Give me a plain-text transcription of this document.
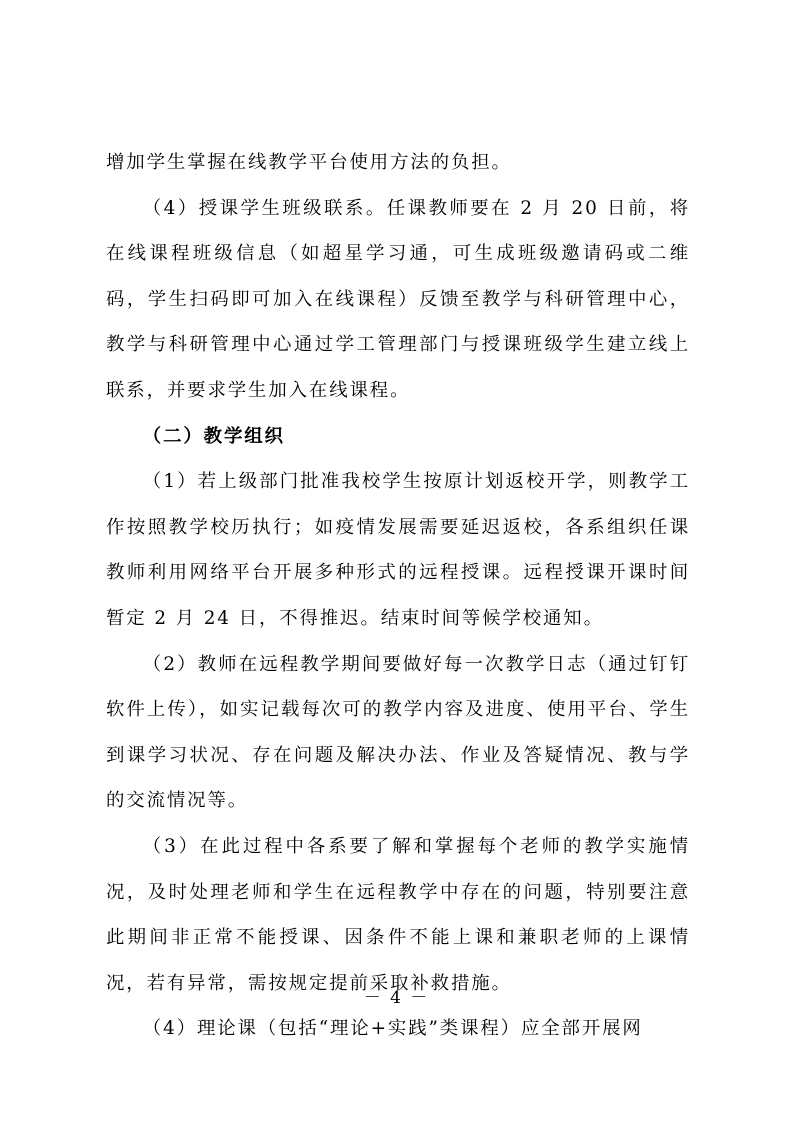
增加学生掌握在线教学平台使用方法的负担。

（4）授课学生班级联系。任课教师要在 2 月 20 日前，将在线课程班级信息（如超星学习通，可生成班级邀请码或二维码，学生扫码即可加入在线课程）反馈至教学与科研管理中心，教学与科研管理中心通过学工管理部门与授课班级学生建立线上联系，并要求学生加入在线课程。

（二）教学组织

（1）若上级部门批准我校学生按原计划返校开学，则教学工作按照教学校历执行；如疫情发展需要延迟返校，各系组织任课教师利用网络平台开展多种形式的远程授课。远程授课开课时间暂定 2 月 24 日，不得推迟。结束时间等候学校通知。

（2）教师在远程教学期间要做好每一次教学日志（通过钉钉软件上传），如实记载每次可的教学内容及进度、使用平台、学生到课学习状况、存在问题及解决办法、作业及答疑情况、教与学的交流情况等。

（3）在此过程中各系要了解和掌握每个老师的教学实施情况，及时处理老师和学生在远程教学中存在的问题，特别要注意此期间非正常不能授课、因条件不能上课和兼职老师的上课情况，若有异常，需按规定提前采取补救措施。

（4）理论课（包括“理论+实践”类课程）应全部开展网

－ 4 －
